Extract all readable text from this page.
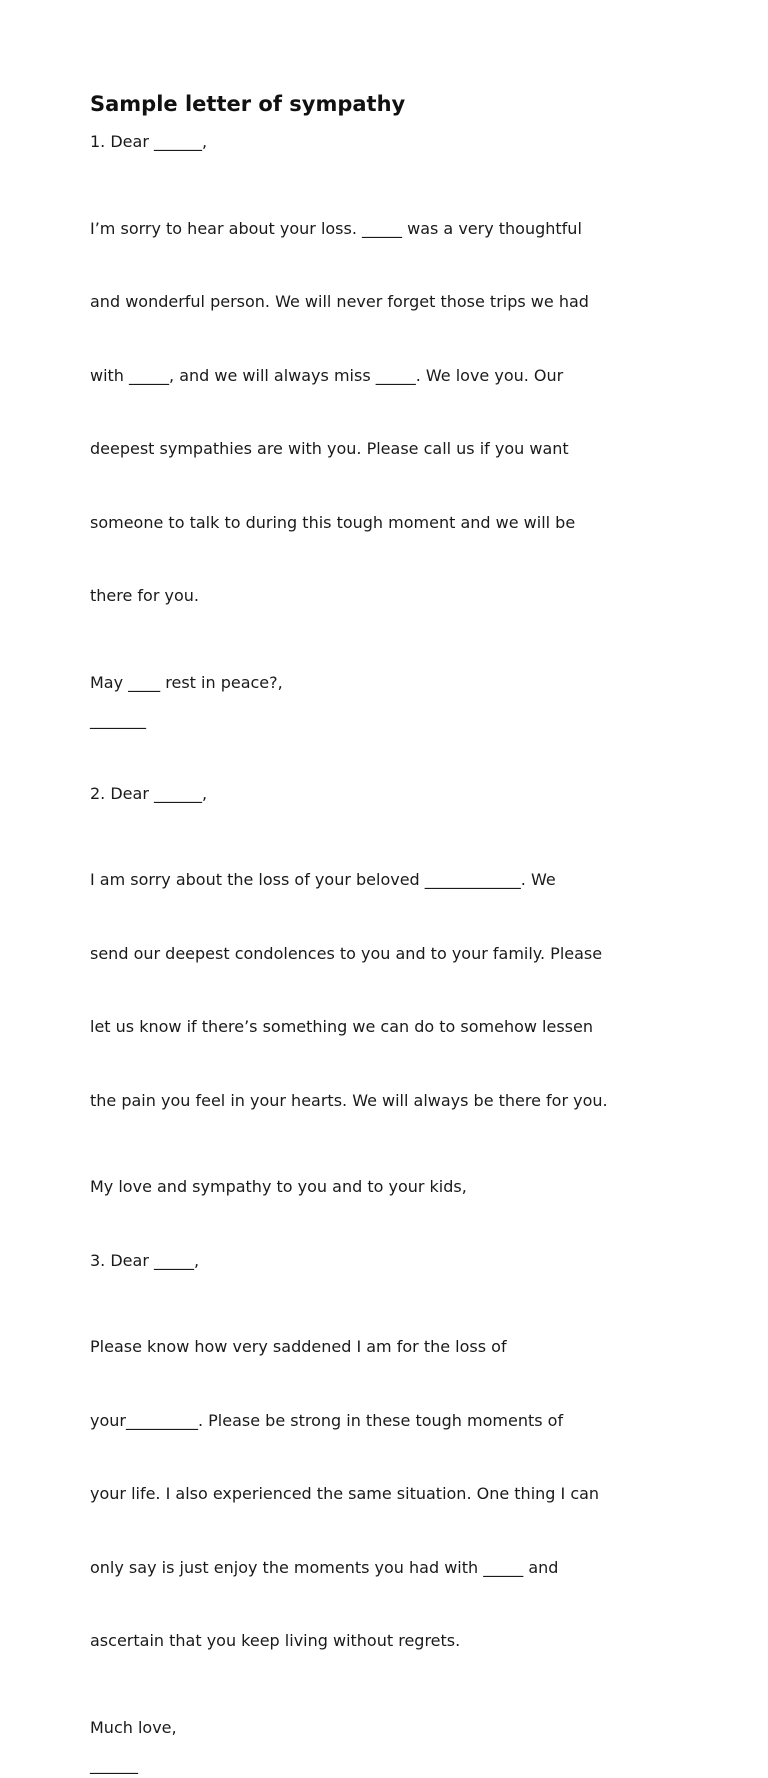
Sample letter of sympathy

1. Dear ______,

I’m sorry to hear about your loss. _____ was a very thoughtful

and wonderful person. We will never forget those trips we had

with _____, and we will always miss _____. We love you. Our

deepest sympathies are with you. Please call us if you want

someone to talk to during this tough moment and we will be

there for you.

May ____ rest in peace?,

_______

2. Dear ______,

I am sorry about the loss of your beloved ____________. We

send our deepest condolences to you and to your family. Please

let us know if there’s something we can do to somehow lessen

the pain you feel in your hearts. We will always be there for you.

My love and sympathy to you and to your kids,

3. Dear _____,

Please know how very saddened I am for the loss of

your_________. Please be strong in these tough moments of

your life. I also experienced the same situation. One thing I can

only say is just enjoy the moments you had with _____ and

ascertain that you keep living without regrets.

Much love,

______
